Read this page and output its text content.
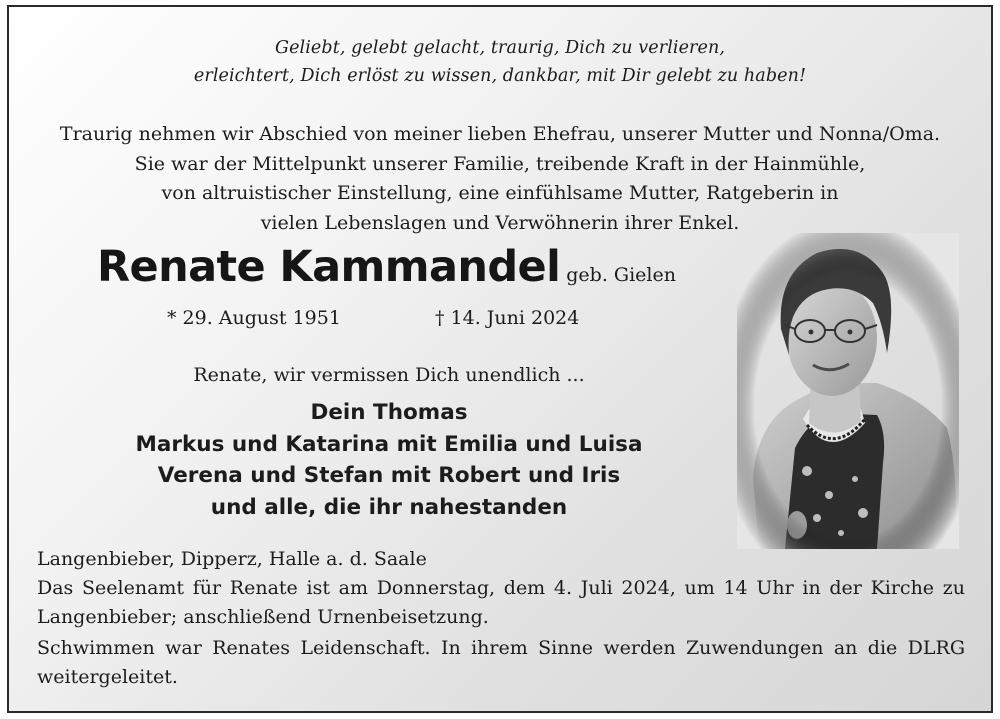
Geliebt, gelebt gelacht, traurig, Dich zu verlieren,
erleichtert, Dich erlöst zu wissen, dankbar, mit Dir gelebt zu haben!
Traurig nehmen wir Abschied von meiner lieben Ehefrau, unserer Mutter und Nonna/Oma.
Sie war der Mittelpunkt unserer Familie, treibende Kraft in der Hainmühle,
von altruistischer Einstellung, eine einfühlsame Mutter, Ratgeberin in
vielen Lebenslagen und Verwöhnerin ihrer Enkel.
Renate Kammandel geb. Gielen
* 29. August 1951	† 14. Juni 2024
Renate, wir vermissen Dich unendlich ...
Dein Thomas
Markus und Katarina mit Emilia und Luisa
Verena und Stefan mit Robert und Iris
und alle, die ihr nahestanden

Langenbieber, Dipperz, Halle a. d. Saale

Das Seelenamt für Renate ist am Donnerstag, dem 4. Juli 2024, um 14 Uhr in der Kirche zu Langenbieber; anschließend Urnenbeisetzung.

Schwimmen war Renates Leidenschaft. In ihrem Sinne werden Zuwendungen an die DLRG weitergeleitet.
